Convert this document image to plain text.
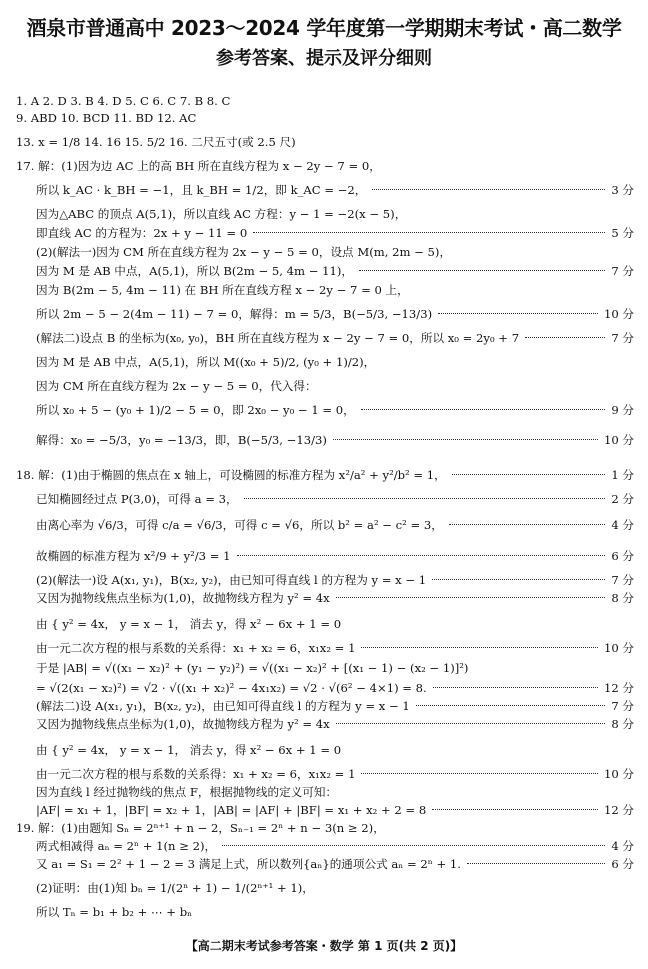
酒泉市普通高中 2023～2024 学年度第一学期期末考试・高二数学
参考答案、提示及评分细则
1. A 2. D 3. B 4. D 5. C 6. C 7. B 8. C
9. ABD 10. BCD 11. BD 12. AC
13. x = 1/8 14. 16 15. 5/2 16. 二尺五寸(或 2.5 尺)
17. 解：(1)因为边 AC 上的高 BH 所在直线方程为 x − 2y − 7 = 0，
所以 k_AC · k_BH = −1，且 k_BH = 1/2，即 k_AC = −2，	3 分
因为△ABC 的顶点 A(5,1)，所以直线 AC 方程：y − 1 = −2(x − 5)，
即直线 AC 的方程为：2x + y − 11 = 0	5 分
(2)(解法一)因为 CM 所在直线方程为 2x − y − 5 = 0，设点 M(m, 2m − 5)，
因为 M 是 AB 中点，A(5,1)，所以 B(2m − 5, 4m − 11)，	7 分
因为 B(2m − 5, 4m − 11) 在 BH 所在直线方程 x − 2y − 7 = 0 上，
所以 2m − 5 − 2(4m − 11) − 7 = 0，解得：m = 5/3，B(−5/3, −13/3)	10 分
(解法二)设点 B 的坐标为(x₀, y₀)，BH 所在直线方程为 x − 2y − 7 = 0，所以 x₀ = 2y₀ + 7	7 分
因为 M 是 AB 中点，A(5,1)，所以 M((x₀ + 5)/2, (y₀ + 1)/2)，
因为 CM 所在直线方程为 2x − y − 5 = 0，代入得：
所以 x₀ + 5 − (y₀ + 1)/2 − 5 = 0，即 2x₀ − y₀ − 1 = 0，	9 分
解得：x₀ = −5/3，y₀ = −13/3，即，B(−5/3, −13/3)	10 分
18. 解：(1)由于椭圆的焦点在 x 轴上，可设椭圆的标准方程为 x²/a² + y²/b² = 1，	1 分
已知椭圆经过点 P(3,0)，可得 a = 3，	2 分
由离心率为 √6/3，可得 c/a = √6/3，可得 c = √6，所以 b² = a² − c² = 3，	4 分
故椭圆的标准方程为 x²/9 + y²/3 = 1	6 分
(2)(解法一)设 A(x₁, y₁)，B(x₂, y₂)，由已知可得直线 l 的方程为 y = x − 1	7 分
又因为抛物线焦点坐标为(1,0)，故抛物线方程为 y² = 4x	8 分
由 { y² = 4x， y = x − 1， 消去 y，得 x² − 6x + 1 = 0
由一元二次方程的根与系数的关系得：x₁ + x₂ = 6，x₁x₂ = 1	10 分
于是 |AB| = √((x₁ − x₂)² + (y₁ − y₂)²) = √((x₁ − x₂)² + [(x₁ − 1) − (x₂ − 1)]²)
= √(2(x₁ − x₂)²) = √2 · √((x₁ + x₂)² − 4x₁x₂) = √2 · √(6² − 4×1) = 8.	12 分
(解法二)设 A(x₁, y₁)，B(x₂, y₂)，由已知可得直线 l 的方程为 y = x − 1	7 分
又因为抛物线焦点坐标为(1,0)，故抛物线方程为 y² = 4x	8 分
由 { y² = 4x， y = x − 1， 消去 y，得 x² − 6x + 1 = 0
由一元二次方程的根与系数的关系得：x₁ + x₂ = 6，x₁x₂ = 1	10 分
因为直线 l 经过抛物线的焦点 F，根据抛物线的定义可知：
|AF| = x₁ + 1，|BF| = x₂ + 1，|AB| = |AF| + |BF| = x₁ + x₂ + 2 = 8	12 分
19. 解：(1)由题知 Sₙ = 2ⁿ⁺¹ + n − 2，Sₙ₋₁ = 2ⁿ + n − 3(n ≥ 2)，
两式相减得 aₙ = 2ⁿ + 1(n ≥ 2)，	4 分
又 a₁ = S₁ = 2² + 1 − 2 = 3 满足上式，所以数列{aₙ}的通项公式 aₙ = 2ⁿ + 1.	6 分
(2)证明：由(1)知 bₙ = 1/(2ⁿ + 1) − 1/(2ⁿ⁺¹ + 1)，
所以 Tₙ = b₁ + b₂ + ⋯ + bₙ
【高二期末考试参考答案・数学 第 1 页(共 2 页)】
